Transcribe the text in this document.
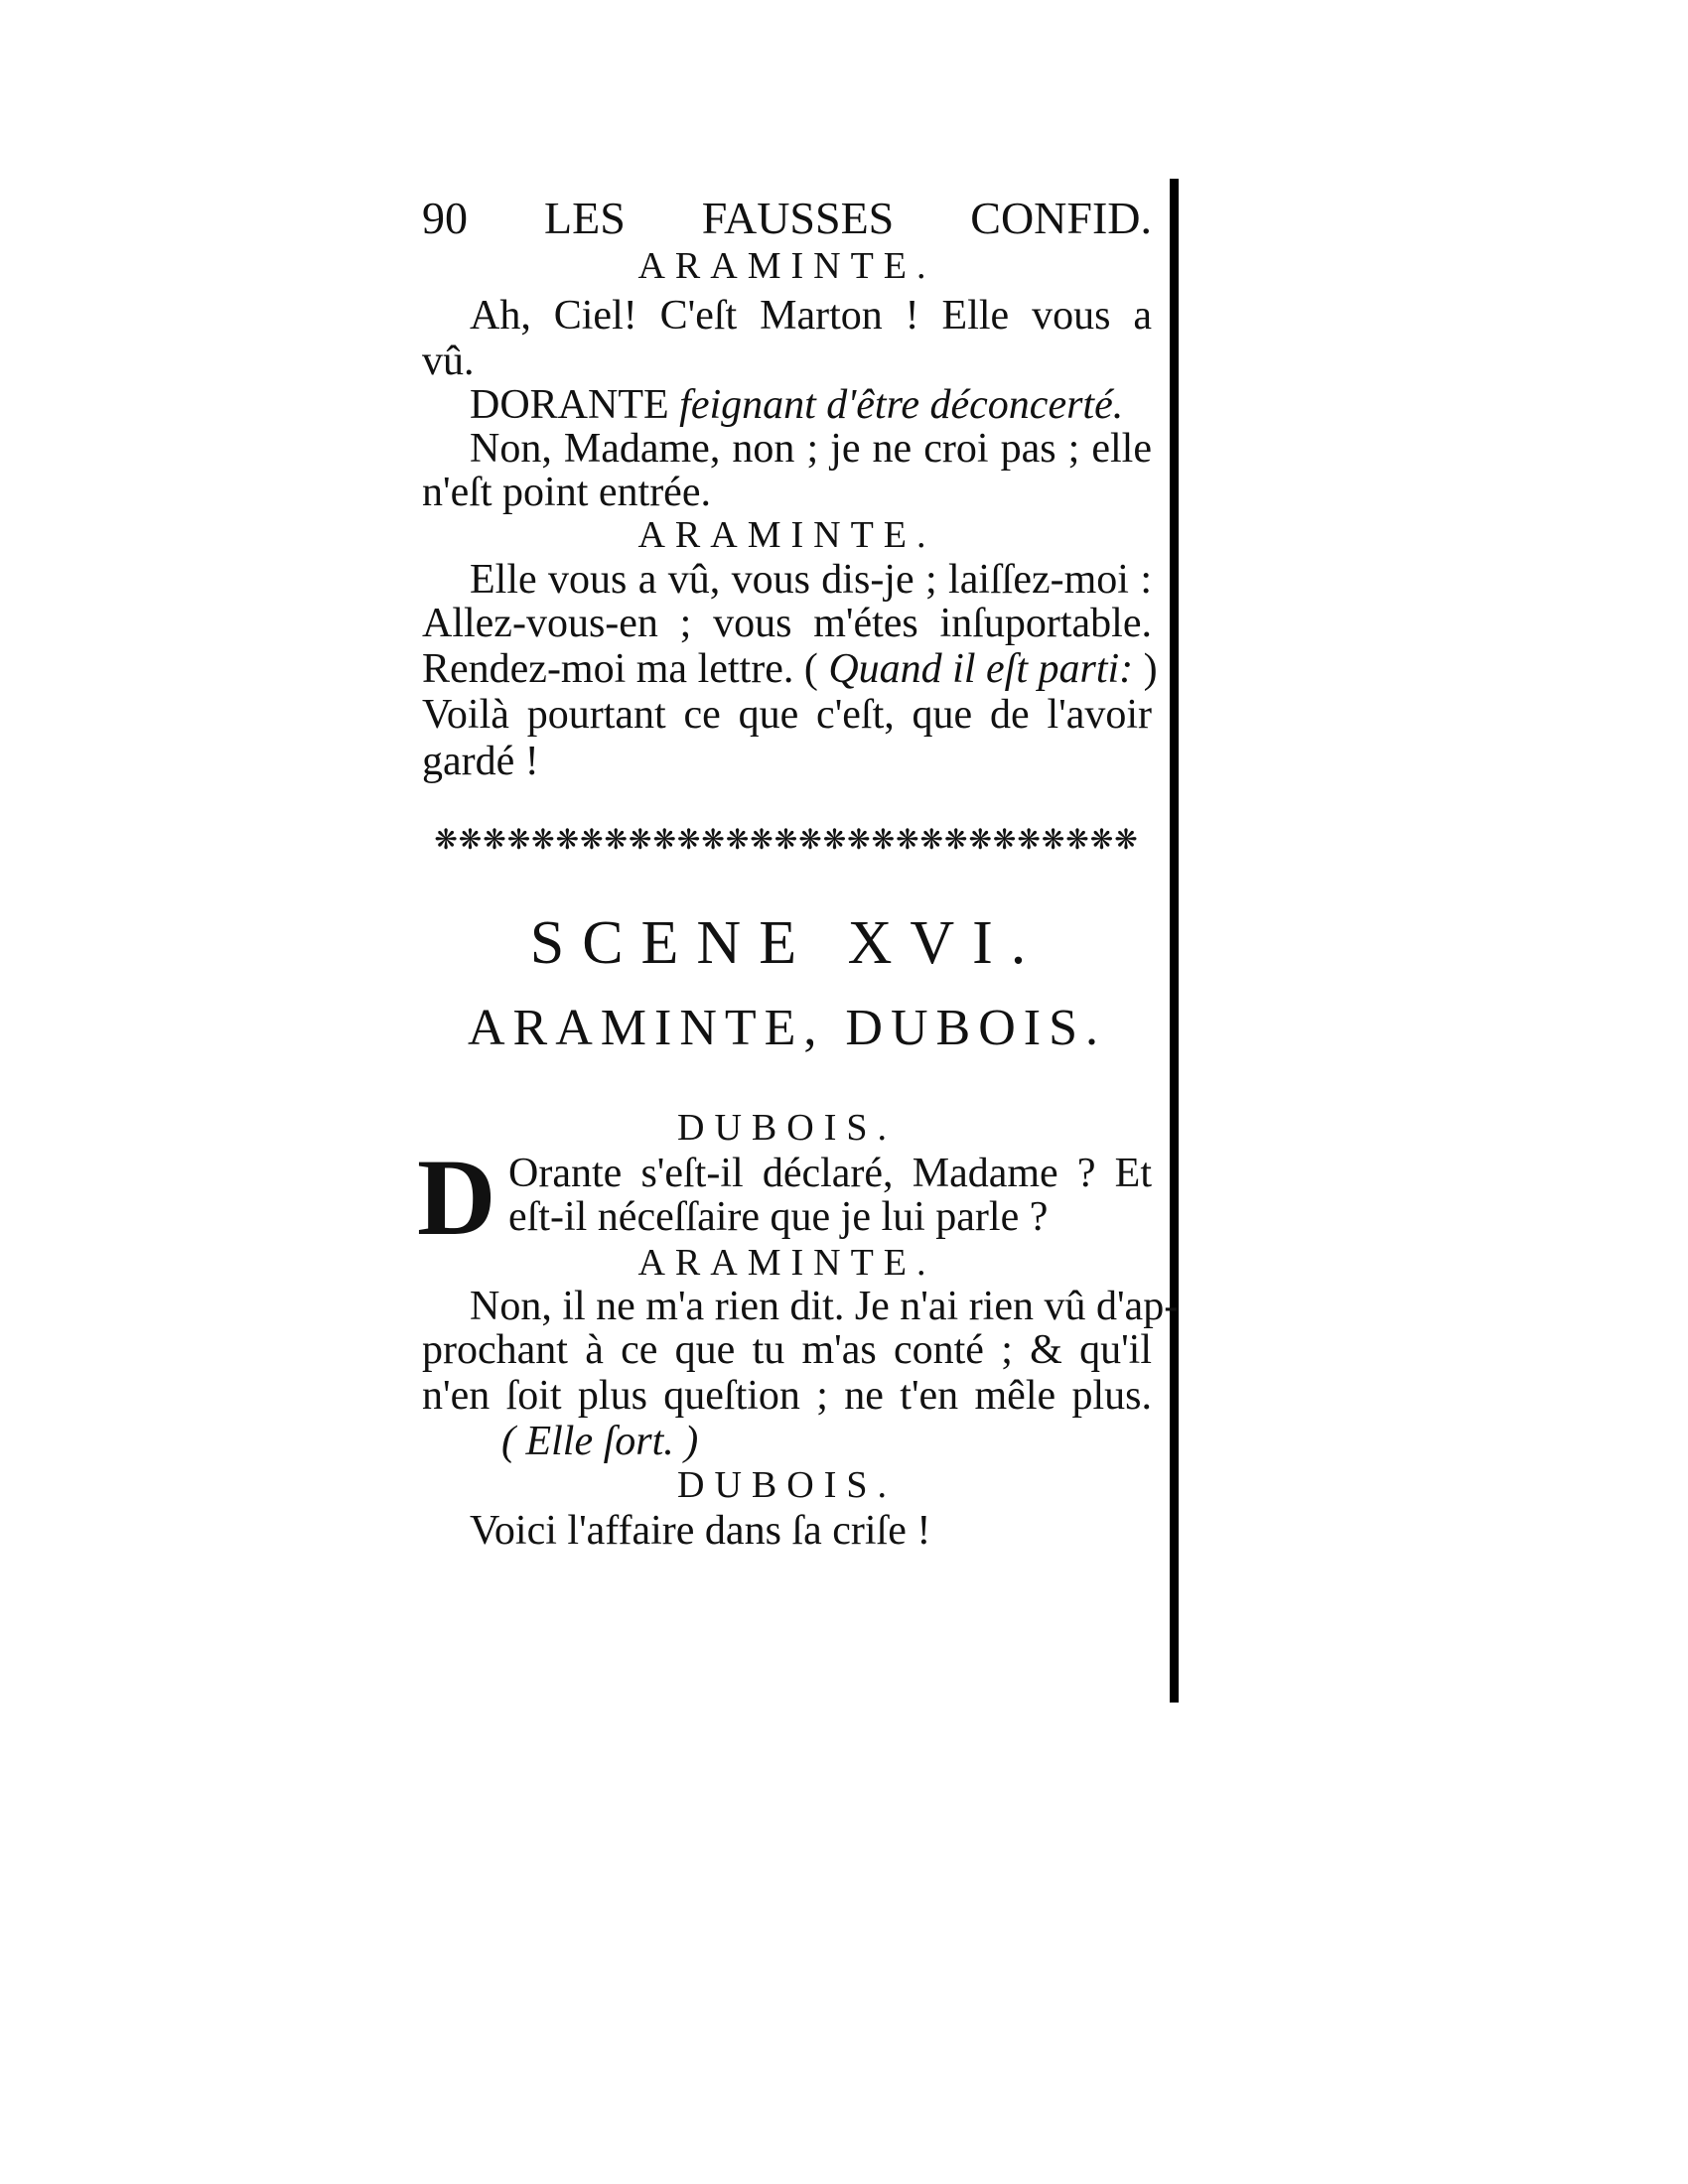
90 LES FAUSSES CONFID.
ARAMINTE.
Ah, Ciel! C'eſt Marton ! Elle vous a
vû.
DORANTE feignant d'être déconcerté.
Non, Madame, non ; je ne croi pas ; elle
n'eſt point entrée.
ARAMINTE.
Elle vous a vû, vous dis-je ; laiſſez-moi :
Allez-vous-en ; vous m'étes inſuportable.
Rendez-moi ma lettre. ( Quand il eſt parti: )
Voilà pourtant ce que c'eſt, que de l'avoir
gardé !
❋❋❋❋❋❋❋❋❋❋❋❋❋❋❋❋❋❋❋❋❋❋❋❋❋❋❋❋❋
SCENE XVI.
ARAMINTE, DUBOIS.
DUBOIS.
D Orante s'eſt-il déclaré, Madame ? Et
eſt-il néceſſaire que je lui parle ?
ARAMINTE.
Non, il ne m'a rien dit. Je n'ai rien vû d'ap-
prochant à ce que tu m'as conté ; & qu'il
n'en ſoit plus queſtion ; ne t'en mêle plus.
( Elle ſort. )
DUBOIS.
Voici l'affaire dans ſa criſe !
